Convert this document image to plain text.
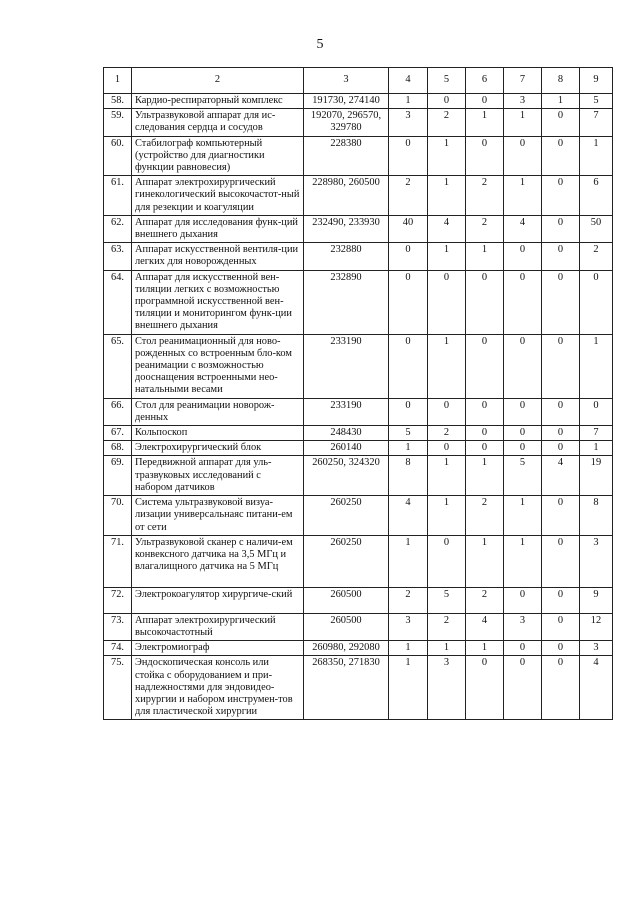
5
1	2	3	4	5	6	7	8	9
58.	Кардио-респираторный комплекс	191730, 274140	1	0	0	3	1	5
59.	Ультразвуковой аппарат для ис-следования сердца и сосудов	192070, 296570, 329780	3	2	1	1	0	7
60.	Стабилограф компьютерный (устройство для диагностики функции равновесия)	228380	0	1	0	0	0	1
61.	Аппарат электрохирургический гинекологический высокочастот-ный для резекции и коагуляции	228980, 260500	2	1	2	1	0	6
62.	Аппарат для исследования функ-ций внешнего дыхания	232490, 233930	40	4	2	4	0	50
63.	Аппарат искусственной вентиля-ции легких для новорожденных	232880	0	1	1	0	0	2
64.	Аппарат для искусственной вен-тиляции легких с возможностью программной искусственной вен-тиляции и мониторингом функ-ции внешнего дыхания	232890	0	0	0	0	0	0
65.	Стол реанимационный для ново-рожденных со встроенным бло-ком реанимации с возможностью дооснащения встроенными нео-натальными весами	233190	0	1	0	0	0	1
66.	Стол для реанимации новорож-денных	233190	0	0	0	0	0	0
67.	Кольпоскоп	248430	5	2	0	0	0	7
68.	Электрохирургический блок	260140	1	0	0	0	0	1
69.	Передвижной аппарат для уль-тразвуковых исследований с набором датчиков	260250, 324320	8	1	1	5	4	19
70.	Система ультразвуковой визуа-лизации универсальнаяс питани-ем от сети	260250	4	1	2	1	0	8
71.	Ультразвуковой сканер с наличи-ем конвексного датчика на 3,5 МГц и влагалищного датчика на 5 МГц	260250	1	0	1	1	0	3
72.	Электрокоагулятор хирургиче-ский	260500	2	5	2	0	0	9
73.	Аппарат электрохирургический высокочастотный	260500	3	2	4	3	0	12
74.	Электромиограф	260980, 292080	1	1	1	0	0	3
75.	Эндоскопическая консоль или стойка с оборудованием и при-надлежностями для эндовидео-хирургии и набором инструмен-тов для пластической хирургии	268350, 271830	1	3	0	0	0	4
